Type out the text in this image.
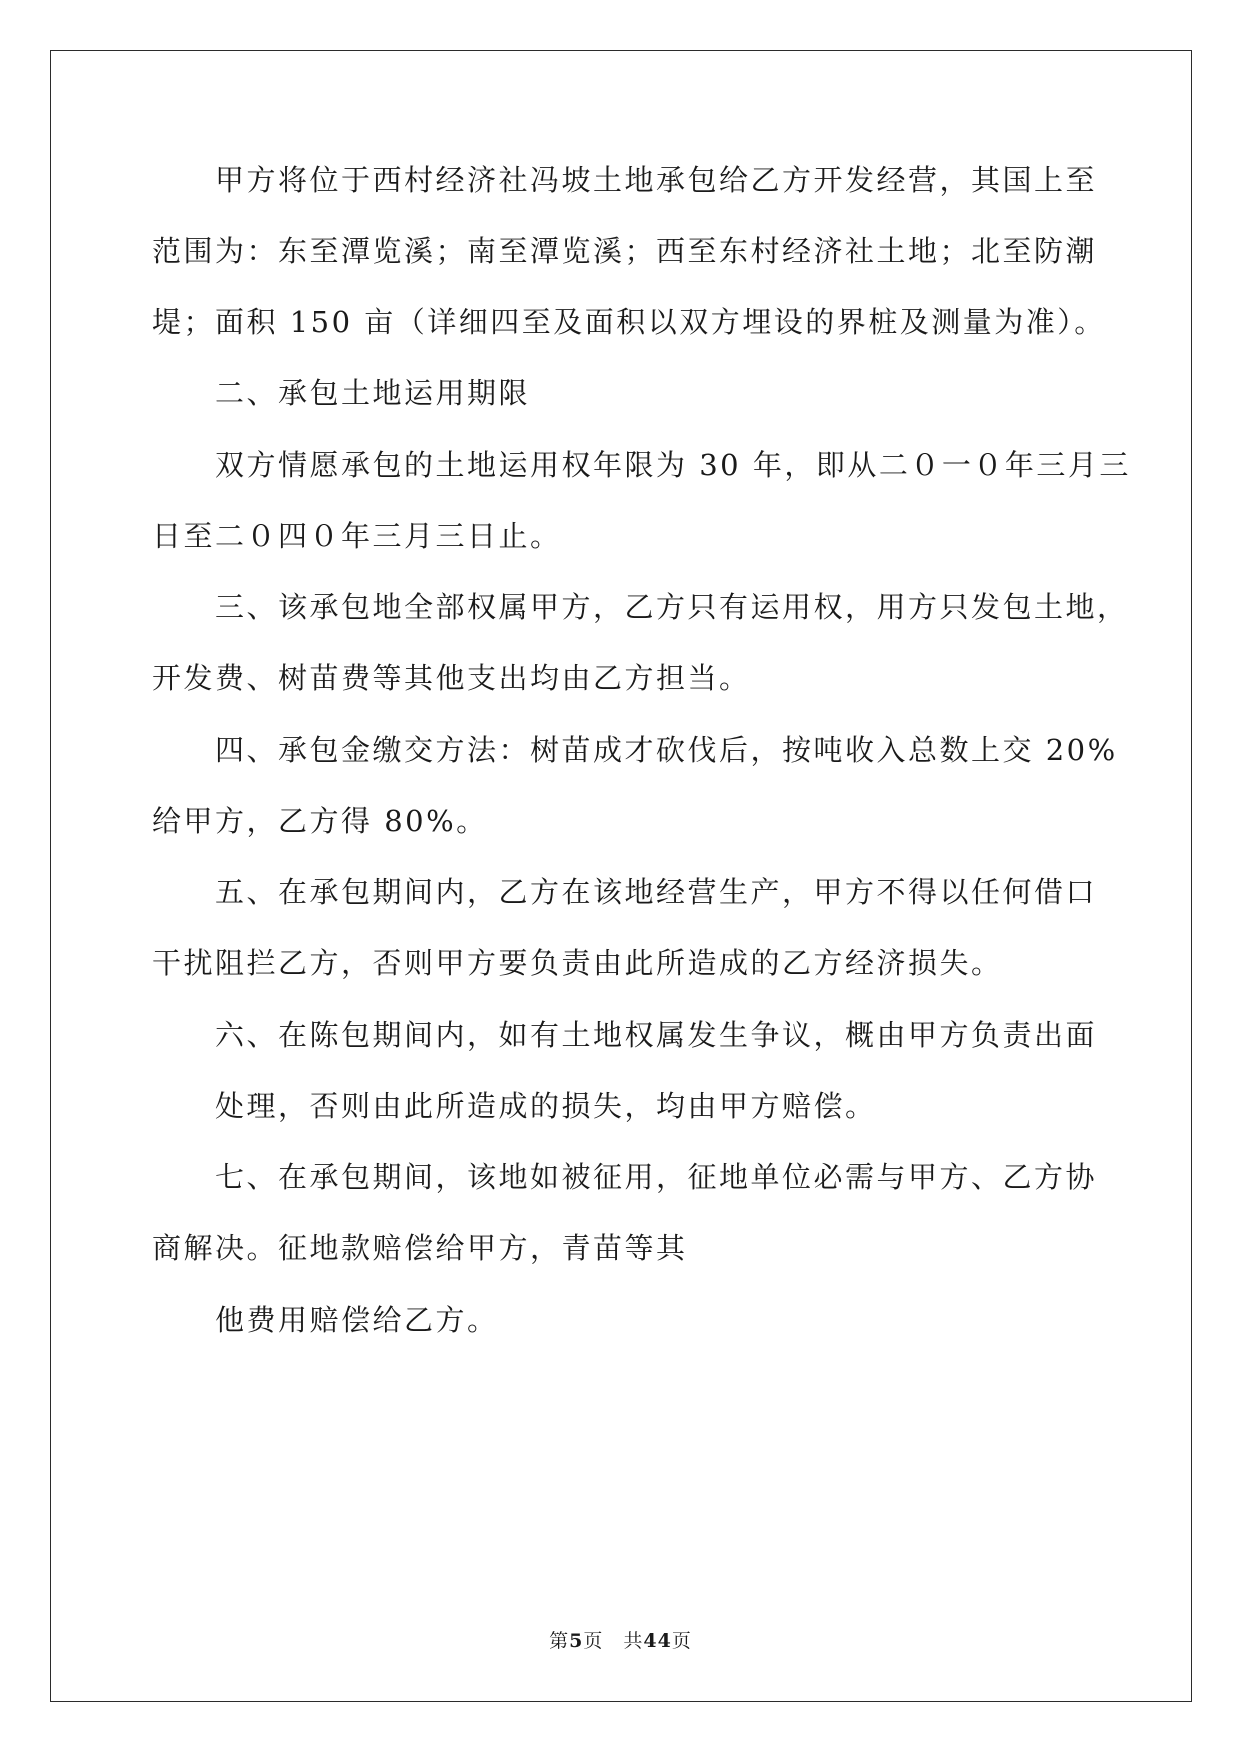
甲方将位于西村经济社冯坡土地承包给乙方开发经营，其国上至
范围为：东至潭览溪；南至潭览溪；西至东村经济社土地；北至防潮
堤；面积 150 亩（详细四至及面积以双方埋设的界桩及测量为准）。
二、承包土地运用期限
双方情愿承包的土地运用权年限为 30 年，即从二０一０年三月三
日至二０四０年三月三日止。
三、该承包地全部权属甲方，乙方只有运用权，用方只发包土地，
开发费、树苗费等其他支出均由乙方担当。
四、承包金缴交方法：树苗成才砍伐后，按吨收入总数上交 20%
给甲方，乙方得 80%。
五、在承包期间内，乙方在该地经营生产，甲方不得以任何借口
干扰阻拦乙方，否则甲方要负责由此所造成的乙方经济损失。
六、在陈包期间内，如有土地权属发生争议，概由甲方负责出面
处理，否则由此所造成的损失，均由甲方赔偿。
七、在承包期间，该地如被征用，征地单位必需与甲方、乙方协
商解决。征地款赔偿给甲方，青苗等其
他费用赔偿给乙方。
第5页 共44页
